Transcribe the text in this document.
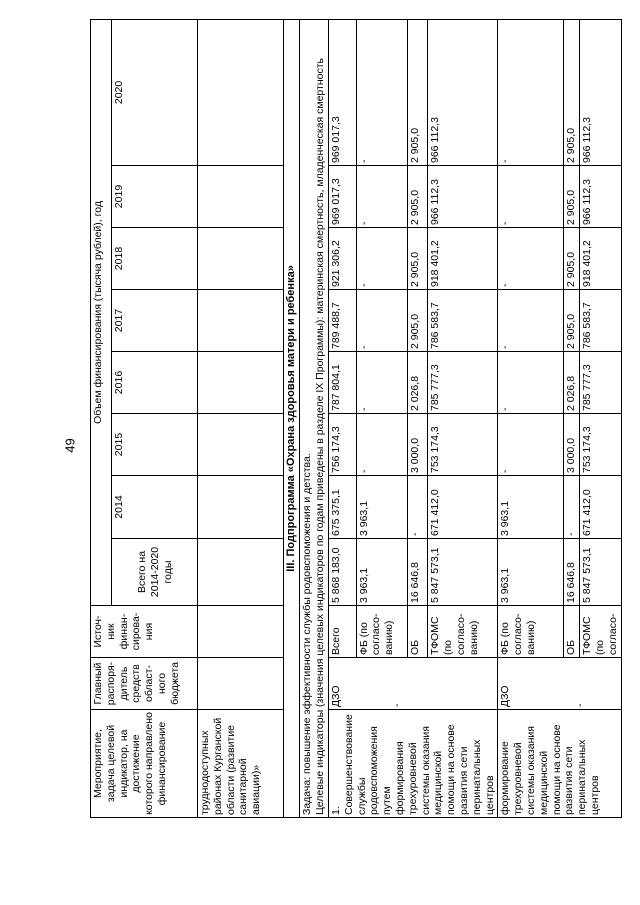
49
Мероприятие, задача целевой индикатор, на достижение которого направлено финансирование	Главный распоря-дитель средств област-ного бюджета	Источ-ник финан-сирова-ния	Объем финансирования (тысяча рублей), год							
			Всего на 2014-2020 годы	2014	2015	2016	2017	2018	2019	2020
труднодоступных районах Курганской области (развитие санитарной авиации)»										
III. Подпрограмма «Охрана здоровья матери и ребенка»										

Задача: повышение эффективности службы родовспоможения и детства. Целевые индикаторы (значения целевых индикаторов по годам приведены в разделе IX Программы): материнская смертность, младенческая смертность										

1. Совершенствование службы родовспоможения путем формирования трехуровневой системы оказания медицинской помощи на основе развития сети перинатальных центров	ДЗО -	Всего	5 868 183,0	675 375,1	756 174,3	787 804,1	789 488,7	921 306,2	969 017,3	969 017,3
		ФБ (по согласо-ванию)	3 963,1	3 963,1	-	-	-	-	-	-
		ОБ	16 646,8	-	3 000,0	2 026,8	2 905,0	2 905,0	2 905,0	2 905,0
		ТФОМС (по согласо-ванию)	5 847 573,1	671 412,0	753 174,3	785 777,3	786 583,7	918 401,2	966 112,3	966 112,3
формирование трехуровневой системы оказания медицинской помощи на основе развития сети перинатальных центров	ДЗО -	ФБ (по согласо-ванию)	3 963,1	3 963,1	-	-	-	-	-	-
		ОБ	16 646,8	-	3 000,0	2 026,8	2 905,0	2 905,0	2 905,0	2 905,0
		ТФОМС (по согласо-	5 847 573,1	671 412,0	753 174,3	785 777,3	786 583,7	918 401,2	966 112,3	966 112,3
